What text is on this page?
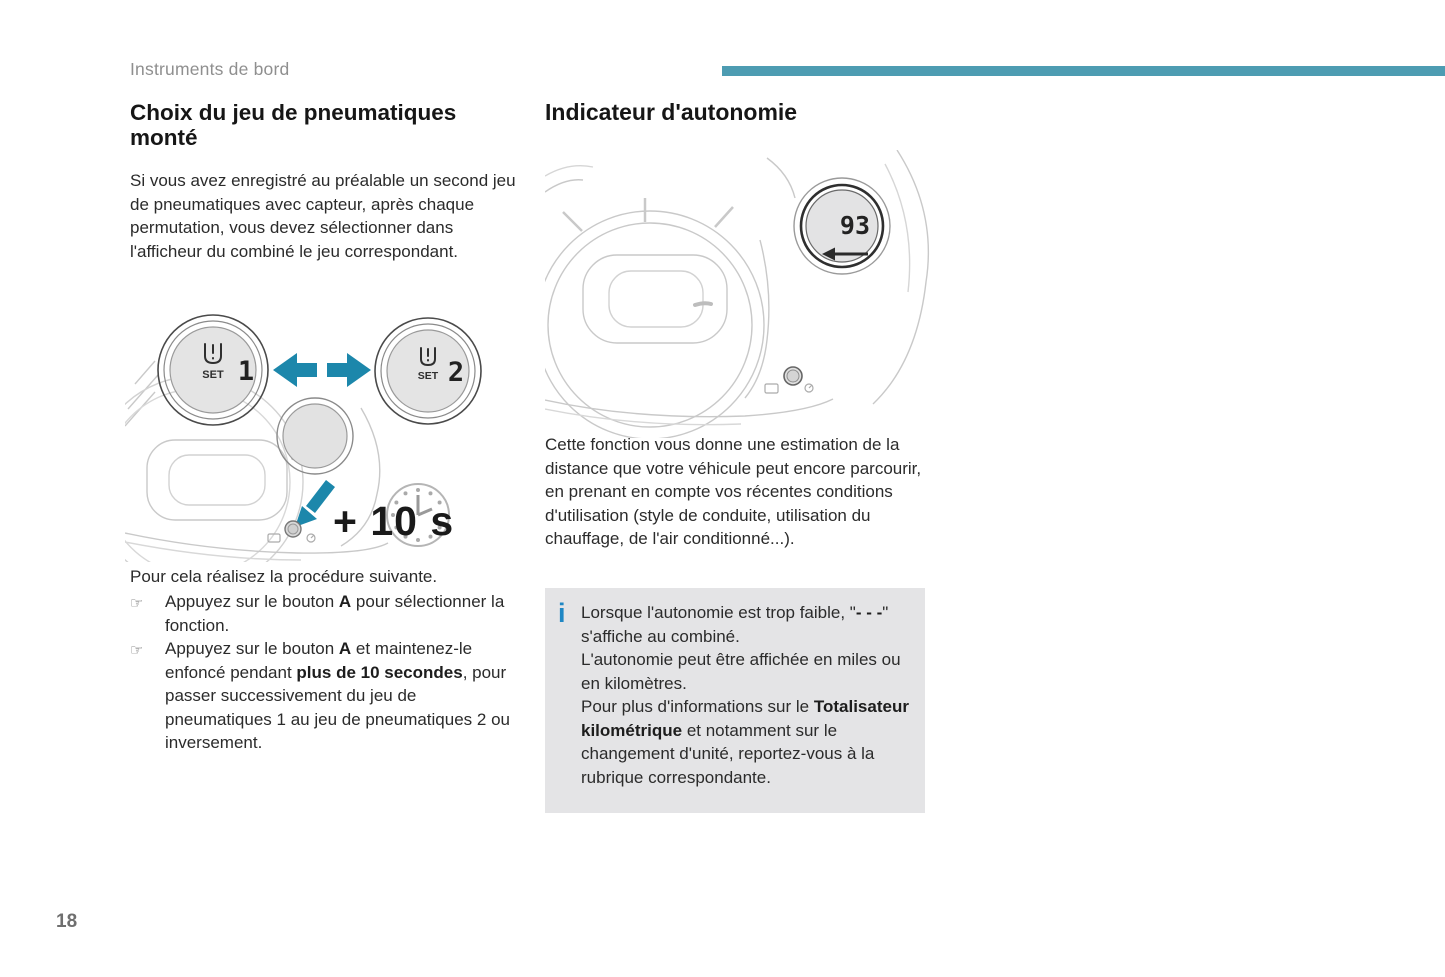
Instruments de bord
Choix du jeu de pneumatiques monté
Si vous avez enregistré au préalable un second jeu de pneumatiques avec capteur, après chaque permutation, vous devez sélectionner dans l'afficheur du combiné le jeu correspondant.
SET 1	SET 2
+ 10 s
Pour cela réalisez la procédure suivante.
☞	Appuyez sur le bouton A pour sélectionner la fonction.
☞	Appuyez sur le bouton A et maintenez-le enfoncé pendant plus de 10 secondes, pour passer successivement du jeu de pneumatiques 1 au jeu de pneumatiques 2 ou inversement.
Indicateur d'autonomie
93
Cette fonction vous donne une estimation de la distance que votre véhicule peut encore parcourir, en prenant en compte vos récentes conditions d'utilisation (style de conduite, utilisation du chauffage, de l'air conditionné...).
i Lorsque l'autonomie est trop faible, "- - -" s'affiche au combiné.
L'autonomie peut être affichée en miles ou en kilomètres.
Pour plus d'informations sur le Totalisateur kilométrique et notamment sur le changement d'unité, reportez-vous à la rubrique correspondante.
18
